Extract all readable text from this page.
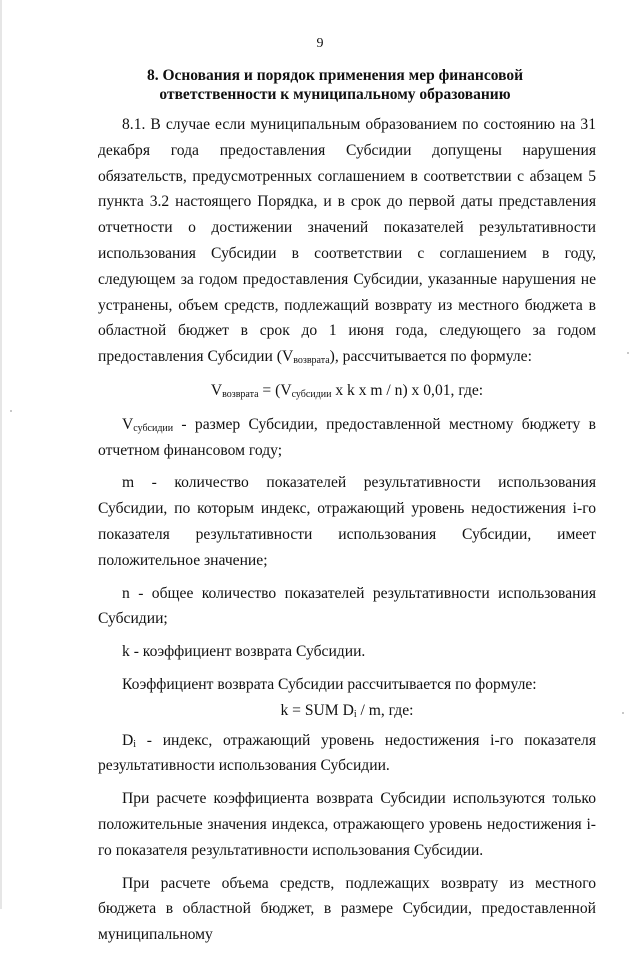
9
8. Основания и порядок применения мер финансовой
ответственности к муниципальному образованию

8.1. В случае если муниципальным образованием по состоянию на 31 декабря года предоставления Субсидии допущены нарушения обязательств, предусмотренных соглашением в соответствии с абзацем 5 пункта 3.2 настоящего Порядка, и в срок до первой даты представления отчетности о достижении значений показателей результативности использования Субсидии в соответствии с соглашением в году, следующем за годом предоставления Субсидии, указанные нарушения не устранены, объем средств, подлежащий возврату из местного бюджета в областной бюджет в срок до 1 июня года, следующего за годом предоставления Субсидии $(V_{возврата})$, рассчитывается по формуле:

$V_{возврата} = (V_{субсидии}$ x k x m / n) x 0,01, где:

$V_{субсидии}$ - размер Субсидии, предоставленной местному бюджету в отчетном финансовом году;

m - количество показателей результативности использования Субсидии, по которым индекс, отражающий уровень недостижения i-го показателя результативности использования Субсидии, имеет положительное значение;

n - общее количество показателей результативности использования Субсидии;

k - коэффициент возврата Субсидии.

Коэффициент возврата Субсидии рассчитывается по формуле:

k = SUM $D_i$ / m, где:

$D_i$ - индекс, отражающий уровень недостижения i-го показателя результативности использования Субсидии.

При расчете коэффициента возврата Субсидии используются только положительные значения индекса, отражающего уровень недостижения i-го показателя результативности использования Субсидии.

При расчете объема средств, подлежащих возврату из местного бюджета в областной бюджет, в размере Субсидии, предоставленной муниципальному
